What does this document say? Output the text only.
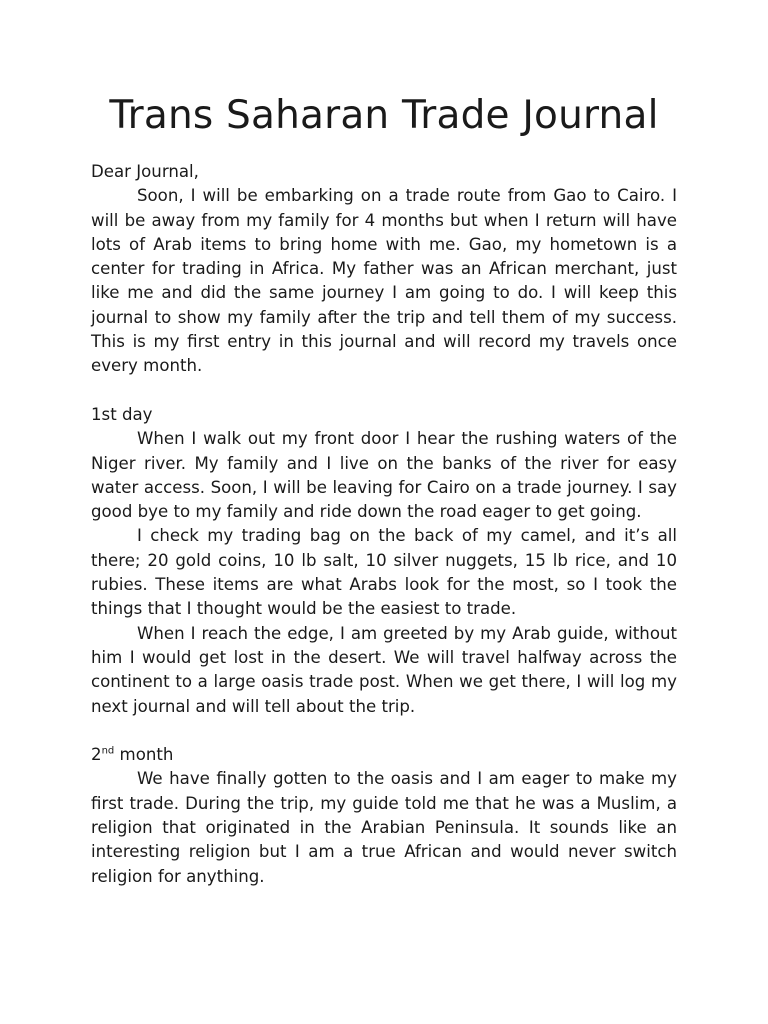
Trans Saharan Trade Journal

Dear Journal,

Soon, I will be embarking on a trade route from Gao to Cairo. I will be away from my family for 4 months but when I return will have lots of Arab items to bring home with me. Gao, my hometown is a center for trading in Africa. My father was an African merchant, just like me and did the same journey I am going to do. I will keep this journal to show my family after the trip and tell them of my success. This is my first entry in this journal and will record my travels once every month.

1st day

When I walk out my front door I hear the rushing waters of the Niger river. My family and I live on the banks of the river for easy water access. Soon, I will be leaving for Cairo on a trade journey. I say good bye to my family and ride down the road eager to get going.

I check my trading bag on the back of my camel, and it’s all there; 20 gold coins, 10 lb salt, 10 silver nuggets, 15 lb rice, and 10 rubies. These items are what Arabs look for the most, so I took the things that I thought would be the easiest to trade.

When I reach the edge, I am greeted by my Arab guide, without him I would get lost in the desert. We will travel halfway across the continent to a large oasis trade post. When we get there, I will log my next journal and will tell about the trip.

2nd month

We have finally gotten to the oasis and I am eager to make my first trade. During the trip, my guide told me that he was a Muslim, a religion that originated in the Arabian Peninsula. It sounds like an interesting religion but I am a true African and would never switch religion for anything.
